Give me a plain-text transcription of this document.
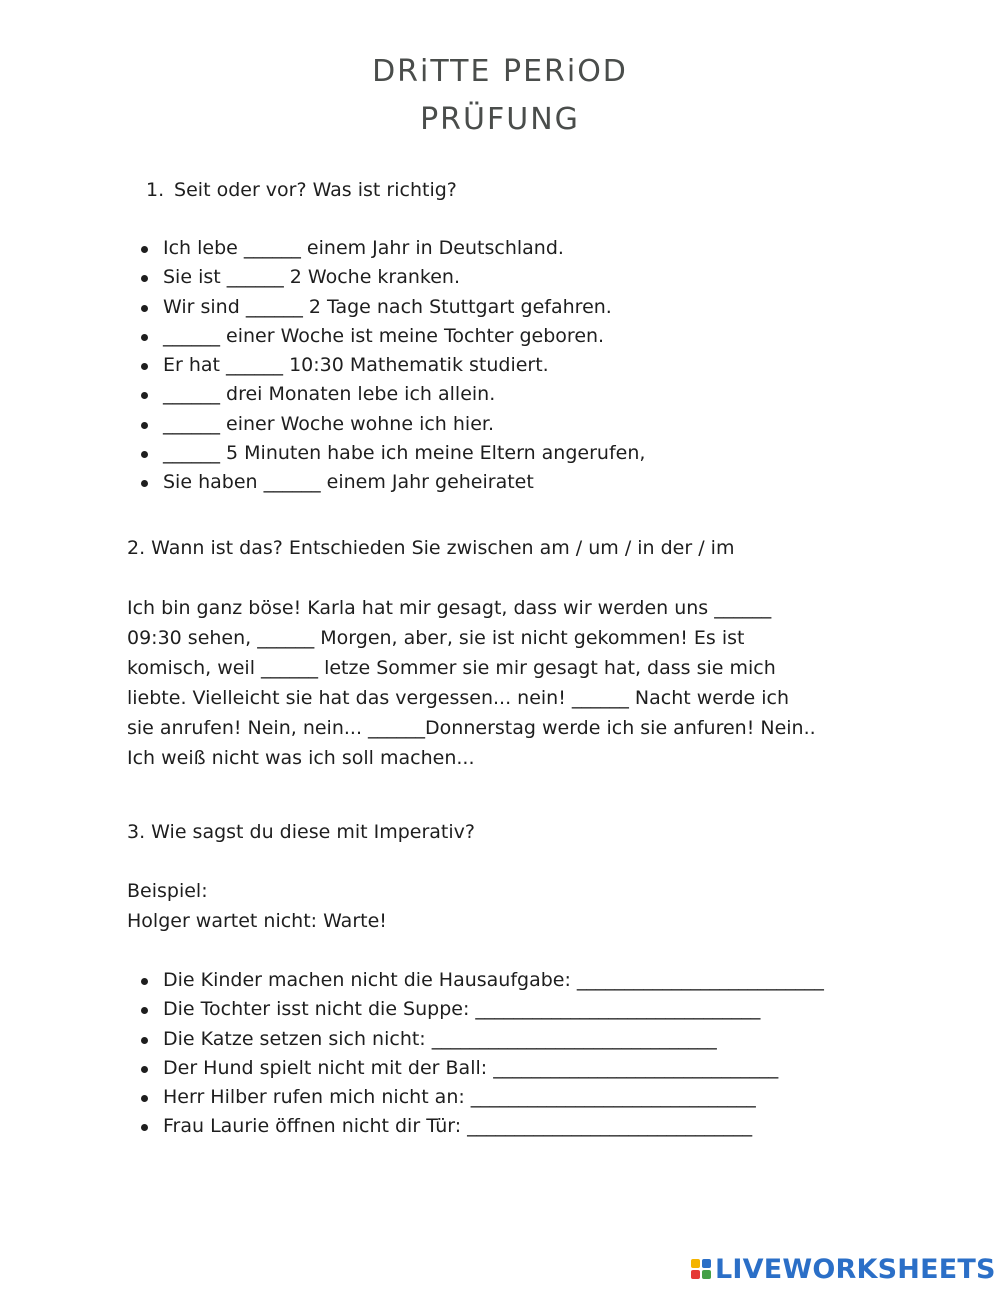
DRiTTE PERiOD
PRÜFUNG
1. Seit oder vor? Was ist richtig?
Ich lebe ______ einem Jahr in Deutschland.
Sie ist ______ 2 Woche kranken.
Wir sind ______ 2 Tage nach Stuttgart gefahren.
______ einer Woche ist meine Tochter geboren.
Er hat ______ 10:30 Mathematik studiert.
______ drei Monaten lebe ich allein.
______ einer Woche wohne ich hier.
______ 5 Minuten habe ich meine Eltern angerufen,
Sie haben ______ einem Jahr geheiratet
2. Wann ist das? Entschieden Sie zwischen am / um / in der / im
Ich bin ganz böse! Karla hat mir gesagt, dass wir werden uns ______
09:30 sehen, ______ Morgen, aber, sie ist nicht gekommen! Es ist
komisch, weil ______ letze Sommer sie mir gesagt hat, dass sie mich
liebte. Vielleicht sie hat das vergessen... nein! ______ Nacht werde ich
sie anrufen! Nein, nein... ______Donnerstag werde ich sie anfuren! Nein..
Ich weiß nicht was ich soll machen...
3. Wie sagst du diese mit Imperativ?
Beispiel:
Holger wartet nicht: Warte!
Die Kinder machen nicht die Hausaufgabe: __________________________
Die Tochter isst nicht die Suppe: ______________________________
Die Katze setzen sich nicht: ______________________________
Der Hund spielt nicht mit der Ball: ______________________________
Herr Hilber rufen mich nicht an: ______________________________
Frau Laurie öffnen nicht dir Tür: ______________________________
LIVEWORKSHEETS
